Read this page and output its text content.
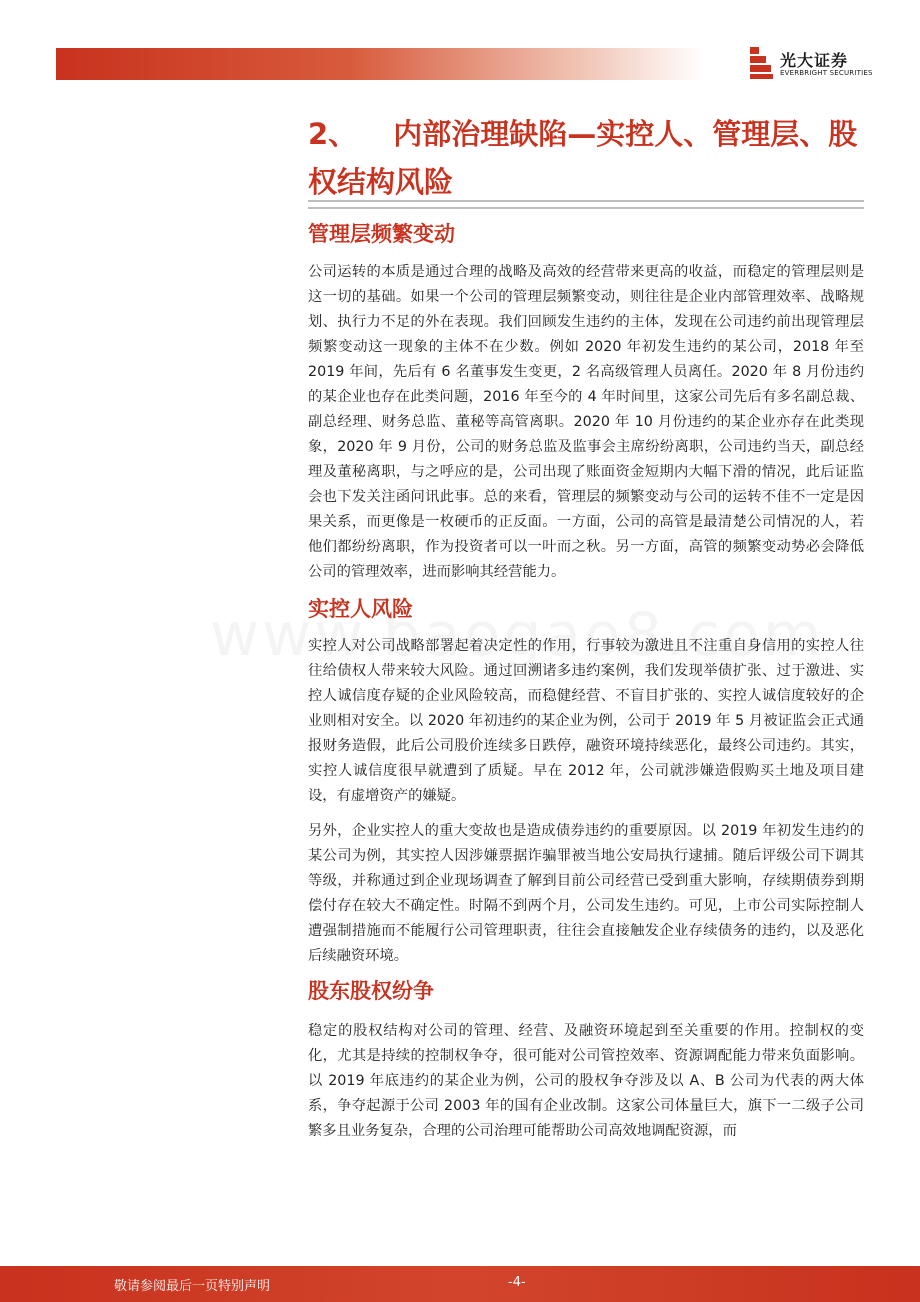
光大证券
EVERBRIGHT SECURITIES
2、 内部治理缺陷—实控人、管理层、股权结构风险
管理层频繁变动

公司运转的本质是通过合理的战略及高效的经营带来更高的收益，而稳定的管理层则是这一切的基础。如果一个公司的管理层频繁变动，则往往是企业内部管理效率、战略规划、执行力不足的外在表现。我们回顾发生违约的主体，发现在公司违约前出现管理层频繁变动这一现象的主体不在少数。例如 2020 年初发生违约的某公司，2018 年至 2019 年间，先后有 6 名董事发生变更，2 名高级管理人员离任。2020 年 8 月份违约的某企业也存在此类问题，2016 年至今的 4 年时间里，这家公司先后有多名副总裁、副总经理、财务总监、董秘等高管离职。2020 年 10 月份违约的某企业亦存在此类现象，2020 年 9 月份，公司的财务总监及监事会主席纷纷离职，公司违约当天，副总经理及董秘离职，与之呼应的是，公司出现了账面资金短期内大幅下滑的情况，此后证监会也下发关注函问讯此事。总的来看，管理层的频繁变动与公司的运转不佳不一定是因果关系，而更像是一枚硬币的正反面。一方面，公司的高管是最清楚公司情况的人，若他们都纷纷离职，作为投资者可以一叶而之秋。另一方面，高管的频繁变动势必会降低公司的管理效率，进而影响其经营能力。

实控人风险

实控人对公司战略部署起着决定性的作用，行事较为激进且不注重自身信用的实控人往往给债权人带来较大风险。通过回溯诸多违约案例，我们发现举债扩张、过于激进、实控人诚信度存疑的企业风险较高，而稳健经营、不盲目扩张的、实控人诚信度较好的企业则相对安全。以 2020 年初违约的某企业为例，公司于 2019 年 5 月被证监会正式通报财务造假，此后公司股价连续多日跌停，融资环境持续恶化，最终公司违约。其实，实控人诚信度很早就遭到了质疑。早在 2012 年，公司就涉嫌造假购买土地及项目建设，有虚增资产的嫌疑。

另外，企业实控人的重大变故也是造成债券违约的重要原因。以 2019 年初发生违约的某公司为例，其实控人因涉嫌票据诈骗罪被当地公安局执行逮捕。随后评级公司下调其等级，并称通过到企业现场调查了解到目前公司经营已受到重大影响，存续期债券到期偿付存在较大不确定性。时隔不到两个月，公司发生违约。可见，上市公司实际控制人遭强制措施而不能履行公司管理职责，往往会直接触发企业存续债务的违约，以及恶化后续融资环境。

股东股权纷争

稳定的股权结构对公司的管理、经营、及融资环境起到至关重要的作用。控制权的变化，尤其是持续的控制权争夺，很可能对公司管控效率、资源调配能力带来负面影响。以 2019 年底违约的某企业为例，公司的股权争夺涉及以 A、B 公司为代表的两大体系，争夺起源于公司 2003 年的国有企业改制。这家公司体量巨大，旗下一二级子公司繁多且业务复杂，合理的公司治理可能帮助公司高效地调配资源，而

敬请参阅最后一页特别声明	-4-
